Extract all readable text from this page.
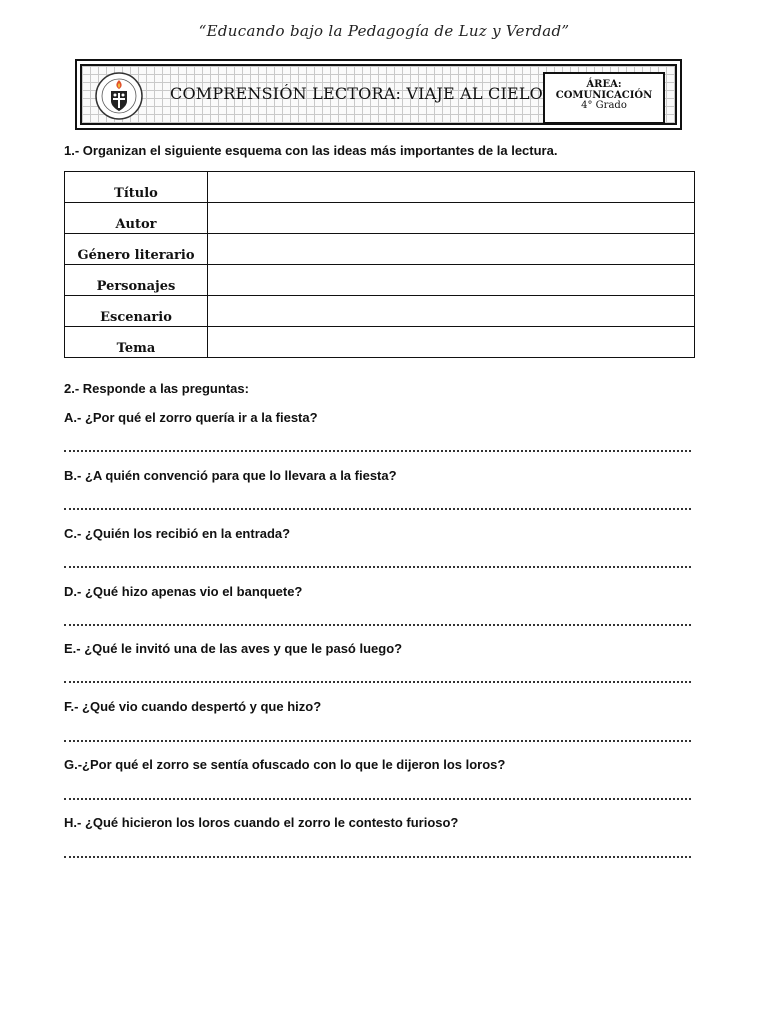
“Educando bajo la Pedagogía de Luz y Verdad”
COMPRENSIÓN LECTORA: VIAJE AL CIELO	ÁREA:
COMUNICACIÓN
4° Grado
1.- Organizan el siguiente esquema con las ideas más importantes de la lectura.
Título	
Autor	
Género literario	
Personajes	
Escenario	
Tema	
2.- Responde a las preguntas:
A.- ¿Por qué el zorro quería ir a la fiesta?
B.- ¿A quién convenció para que lo llevara a la fiesta?
C.- ¿Quién los recibió en la entrada?
D.- ¿Qué hizo apenas vio el banquete?
E.- ¿Qué le invitó una de las aves y que le pasó luego?
F.- ¿Qué vio cuando despertó y que hizo?
G.-¿Por qué el zorro se sentía ofuscado con lo que le dijeron los loros?
H.- ¿Qué hicieron los loros cuando el zorro le contesto furioso?
